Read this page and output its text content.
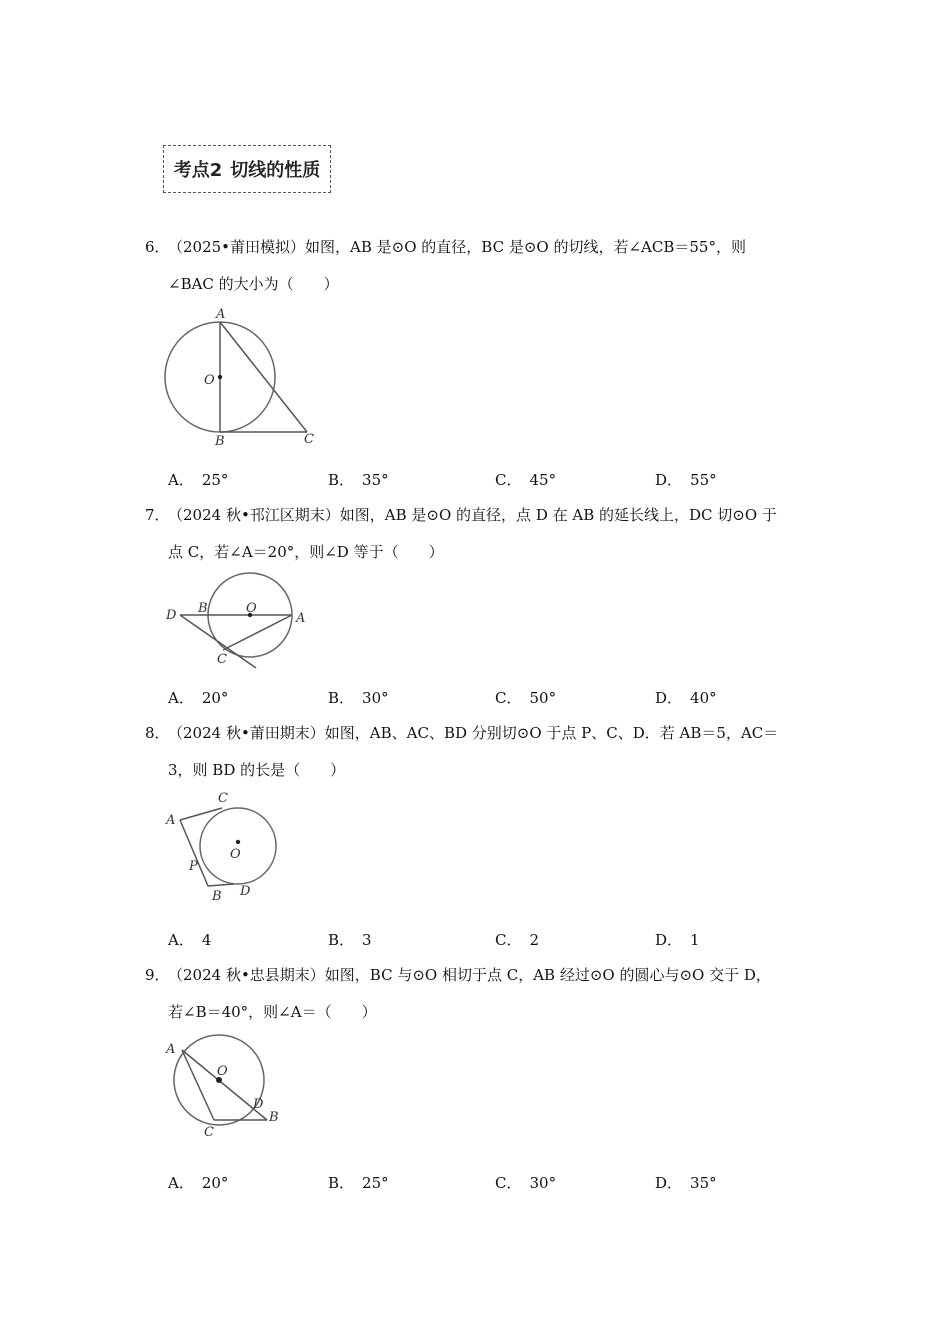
考点2 切线的性质
6．
（2025•莆田模拟）如图，AB 是⊙O 的直径，BC 是⊙O 的切线，若∠ACB＝55°，则
∠BAC 的大小为（　　）
A
O
B	C
A． 25°	B． 35°	C． 45°	D． 55°
7．
（2024 秋•邗江区期末）如图，AB 是⊙O 的直径，点 D 在 AB 的延长线上，DC 切⊙O 于
点 C，若∠A＝20°，则∠D 等于（　　）
D B	O
A
C
A． 20°	B． 30°	C． 50°	D． 40°
8．
（2024 秋•莆田期末）如图，AB、AC、BD 分别切⊙O 于点 P、C、D．若 AB＝5，AC＝
3，则 BD 的长是（　　）
C
A
O
P
B D
A． 4	B． 3	C． 2	D． 1
9．
（2024 秋•忠县期末）如图，BC 与⊙O 相切于点 C，AB 经过⊙O 的圆心与⊙O 交于 D，
若∠B＝40°，则∠A＝（　　）
A
O
D
B
C
A． 20°	B． 25°	C． 30°	D． 35°
